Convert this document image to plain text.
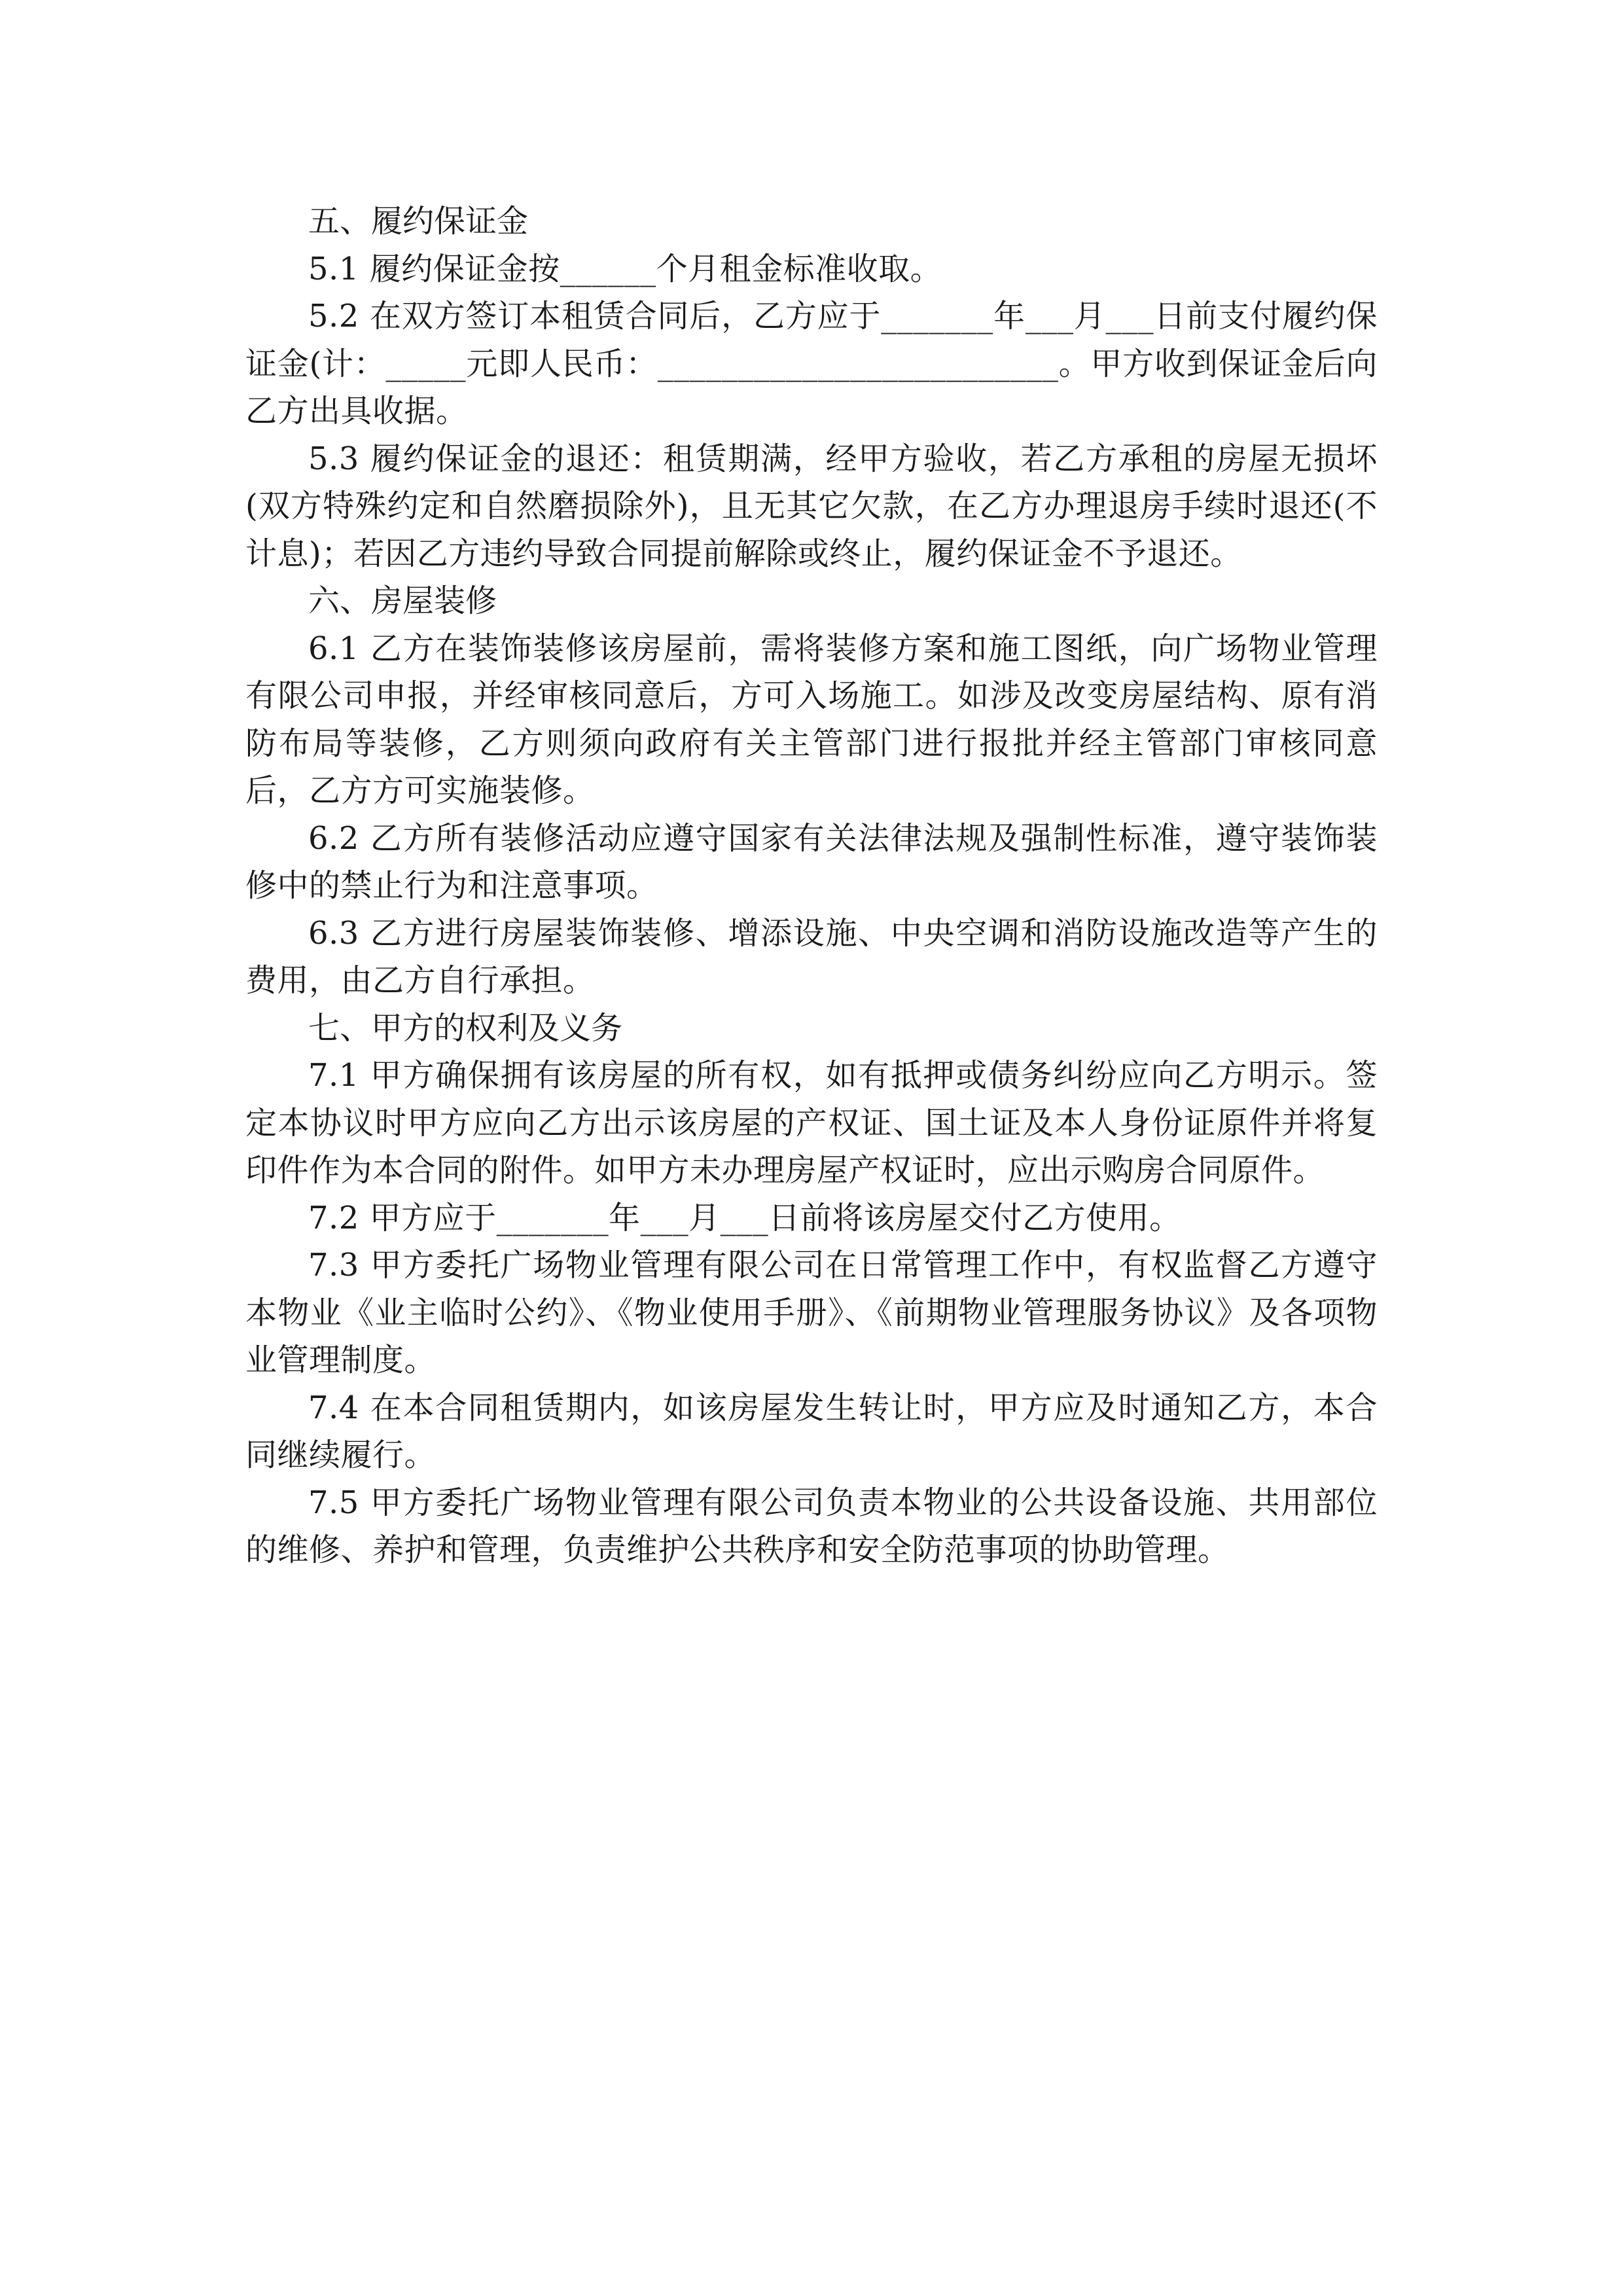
五、履约保证金

5.1 履约保证金按______个月租金标准收取。

5.2 在双方签订本租赁合同后，乙方应于_______年___月___日前支付履约保证金(计：_____元即人民币：_________________________。甲方收到保证金后向乙方出具收据。

5.3 履约保证金的退还：租赁期满，经甲方验收，若乙方承租的房屋无损坏(双方特殊约定和自然磨损除外)，且无其它欠款，在乙方办理退房手续时退还(不计息)；若因乙方违约导致合同提前解除或终止，履约保证金不予退还。

六、房屋装修

6.1 乙方在装饰装修该房屋前，需将装修方案和施工图纸，向广场物业管理有限公司申报，并经审核同意后，方可入场施工。如涉及改变房屋结构、原有消防布局等装修，乙方则须向政府有关主管部门进行报批并经主管部门审核同意后，乙方方可实施装修。

6.2 乙方所有装修活动应遵守国家有关法律法规及强制性标准，遵守装饰装修中的禁止行为和注意事项。

6.3 乙方进行房屋装饰装修、增添设施、中央空调和消防设施改造等产生的费用，由乙方自行承担。

七、甲方的权利及义务

7.1 甲方确保拥有该房屋的所有权，如有抵押或债务纠纷应向乙方明示。签定本协议时甲方应向乙方出示该房屋的产权证、国土证及本人身份证原件并将复印件作为本合同的附件。如甲方未办理房屋产权证时，应出示购房合同原件。

7.2 甲方应于_______年___月___日前将该房屋交付乙方使用。

7.3 甲方委托广场物业管理有限公司在日常管理工作中，有权监督乙方遵守本物业《业主临时公约》、《物业使用手册》、《前期物业管理服务协议》及各项物业管理制度。

7.4 在本合同租赁期内，如该房屋发生转让时，甲方应及时通知乙方，本合同继续履行。

7.5 甲方委托广场物业管理有限公司负责本物业的公共设备设施、共用部位的维修、养护和管理，负责维护公共秩序和安全防范事项的协助管理。
